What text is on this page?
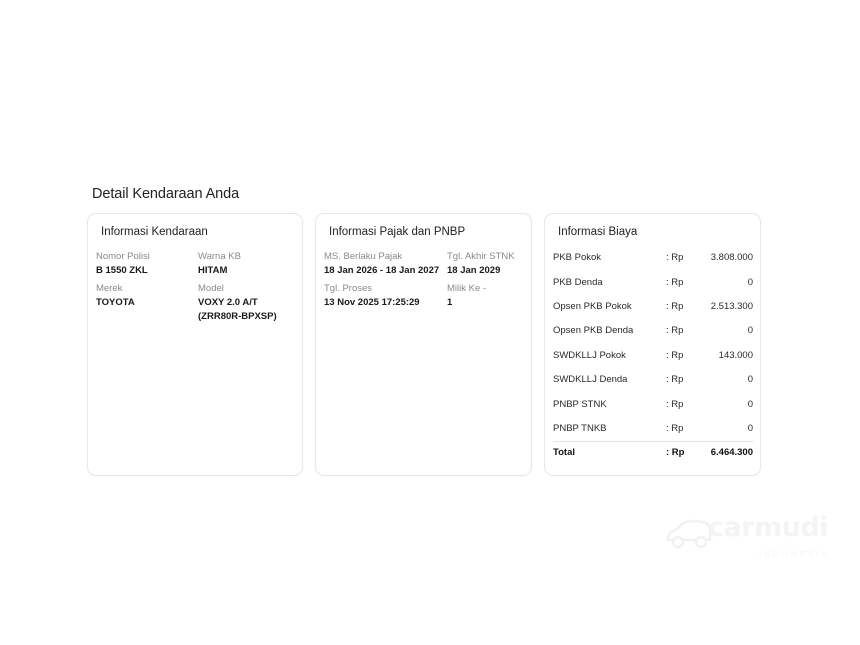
Detail Kendaraan Anda
Informasi Kendaraan
Nomor Polisi
B 1550 ZKL
Warna KB
HITAM
Merek
TOYOTA
Model
VOXY 2.0 A/T (ZRR80R-BPXSP)
Informasi Pajak dan PNBP
MS. Berlaku Pajak
18 Jan 2026 - 18 Jan 2027
Tgl. Akhir STNK
18 Jan 2029
Tgl. Proses
13 Nov 2025 17:25:29
Milik Ke -
1
Informasi Biaya
PKB Pokok	: Rp	3.808.000
PKB Denda	: Rp	0
Opsen PKB Pokok	: Rp	2.513.300
Opsen PKB Denda	: Rp	0
SWDKLLJ Pokok	: Rp	143.000
SWDKLLJ Denda	: Rp	0
PNBP STNK	: Rp	0
PNBP TNKB	: Rp	0
Total	: Rp	6.464.300
carmudi
INDONESIA
